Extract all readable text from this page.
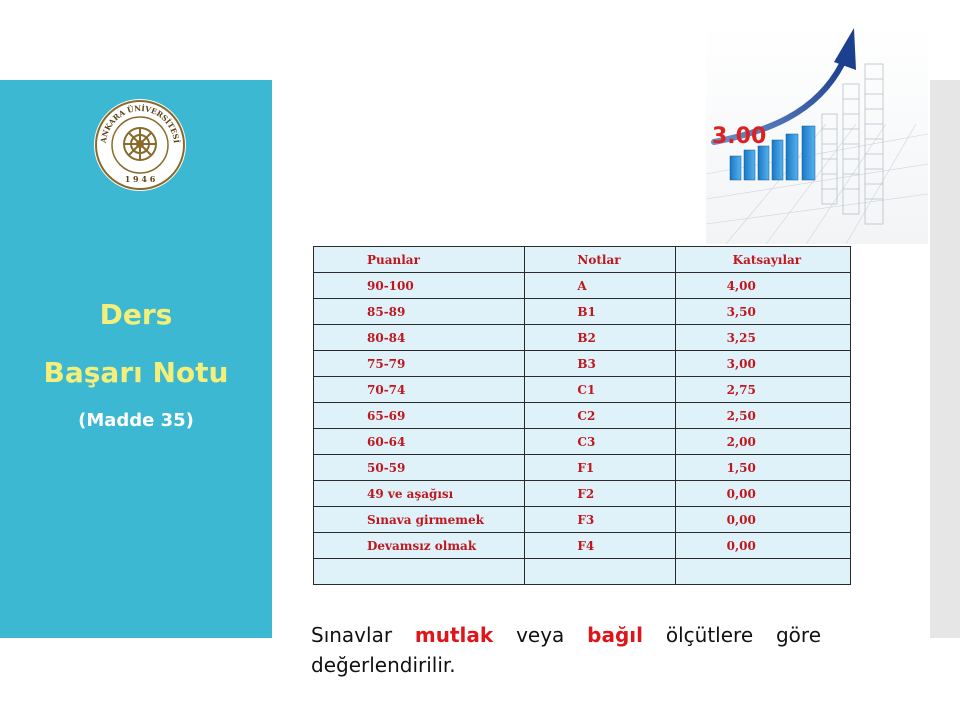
ANKARA ÜNİVERSİTESİ
1 9 4 6
Ders
Başarı Notu
(Madde 35)
3.00
Puanlar	Notlar	Katsayılar
90-100	A	4,00
85-89	B1	3,50
80-84	B2	3,25
75-79	B3	3,00
70-74	C1	2,75
65-69	C2	2,50
60-64	C3	2,00
50-59	F1	1,50
49 ve aşağısı	F2	0,00
Sınava girmemek	F3	0,00
Devamsız olmak	F4	0,00

Sınavlar mutlak veya bağıl ölçütlere göre değerlendirilir.
